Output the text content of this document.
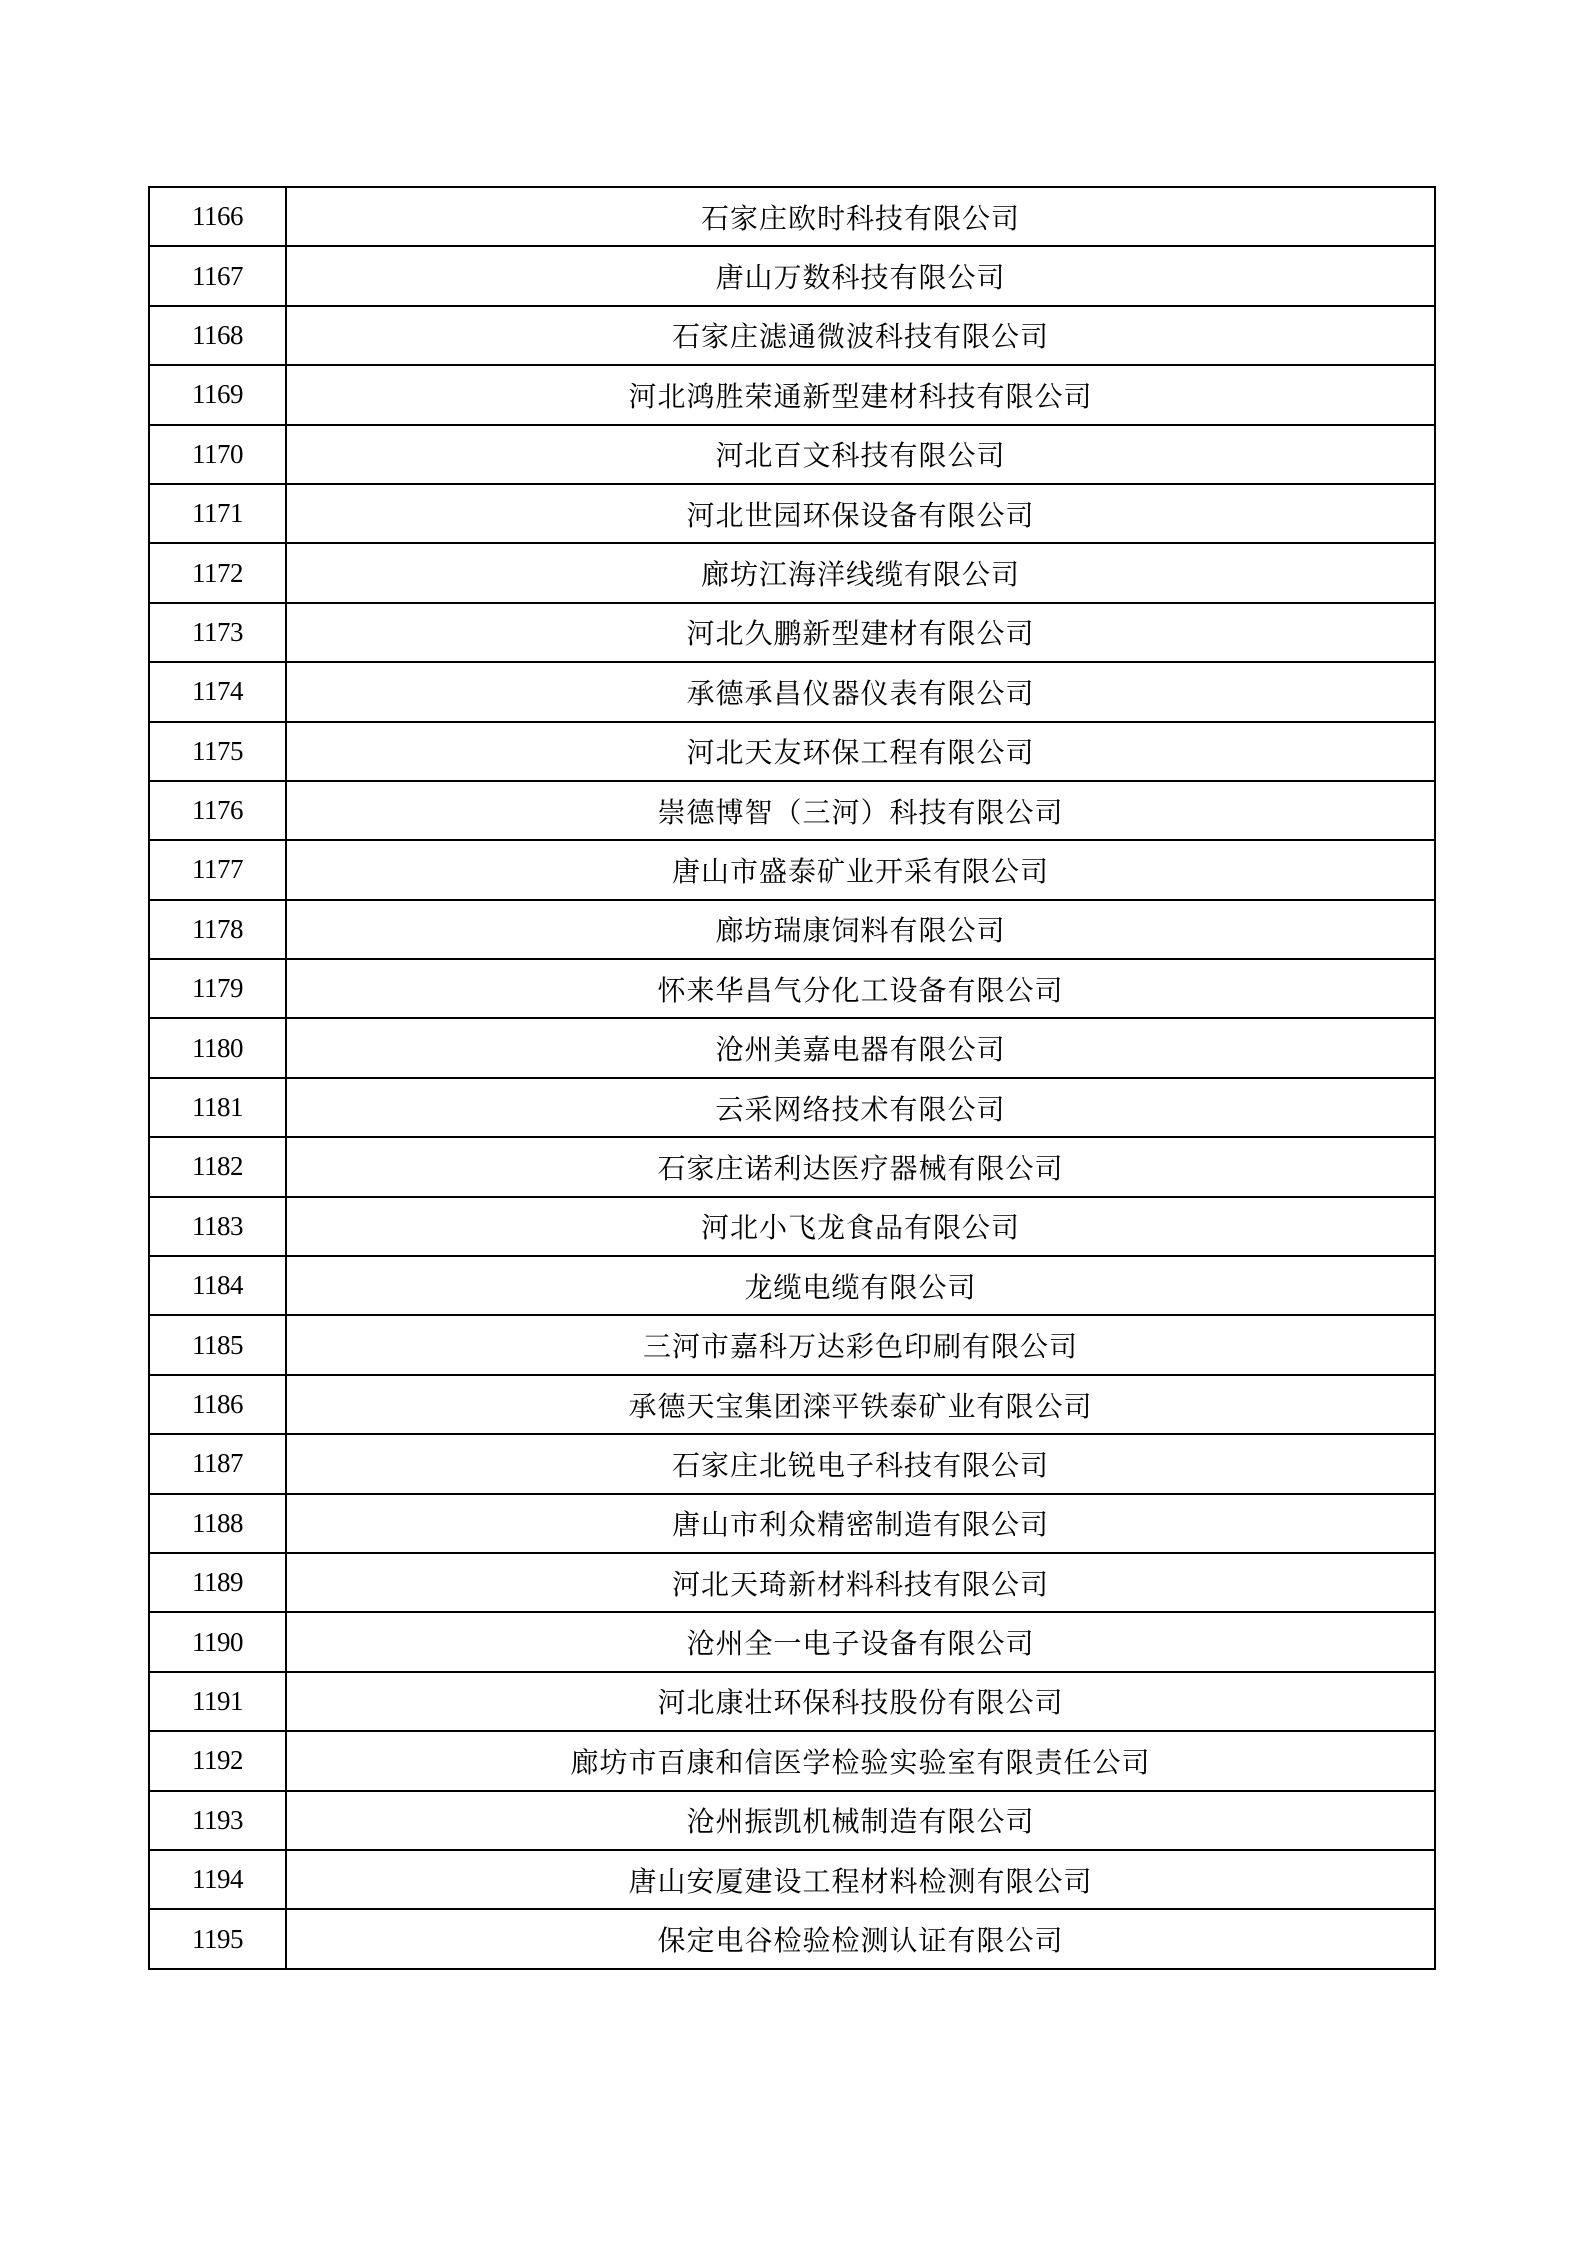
1166	石家庄欧时科技有限公司
1167	唐山万数科技有限公司
1168	石家庄滤通微波科技有限公司
1169	河北鸿胜荣通新型建材科技有限公司
1170	河北百文科技有限公司
1171	河北世园环保设备有限公司
1172	廊坊江海洋线缆有限公司
1173	河北久鹏新型建材有限公司
1174	承德承昌仪器仪表有限公司
1175	河北天友环保工程有限公司
1176	崇德博智（三河）科技有限公司
1177	唐山市盛泰矿业开采有限公司
1178	廊坊瑞康饲料有限公司
1179	怀来华昌气分化工设备有限公司
1180	沧州美嘉电器有限公司
1181	云采网络技术有限公司
1182	石家庄诺利达医疗器械有限公司
1183	河北小飞龙食品有限公司
1184	龙缆电缆有限公司
1185	三河市嘉科万达彩色印刷有限公司
1186	承德天宝集团滦平铁泰矿业有限公司
1187	石家庄北锐电子科技有限公司
1188	唐山市利众精密制造有限公司
1189	河北天琦新材料科技有限公司
1190	沧州全一电子设备有限公司
1191	河北康壮环保科技股份有限公司
1192	廊坊市百康和信医学检验实验室有限责任公司
1193	沧州振凯机械制造有限公司
1194	唐山安厦建设工程材料检测有限公司
1195	保定电谷检验检测认证有限公司
